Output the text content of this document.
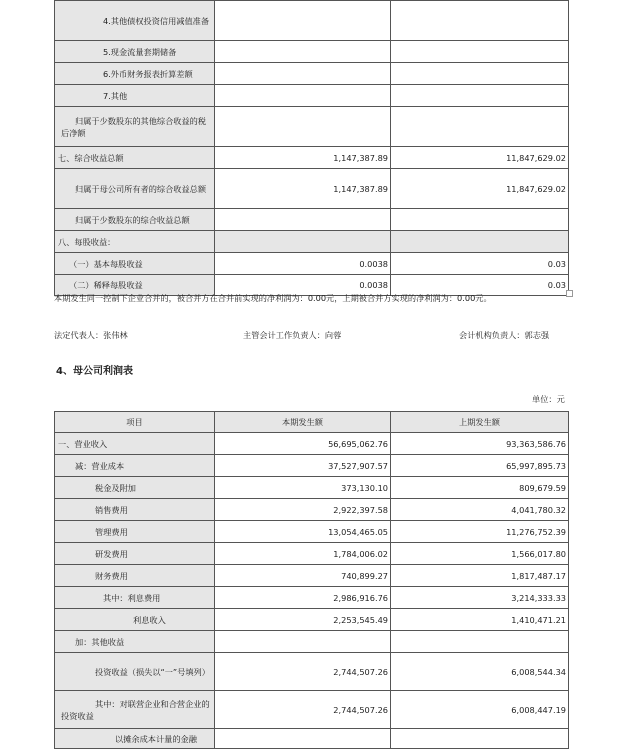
4.其他债权投资信用减值准备		

5.现金流量套期储备		
6.外币财务报表折算差额		
7.其他		

归属于少数股东的其他综合收益的税后净额		

七、综合收益总额	1,147,387.89	11,847,629.02

归属于母公司所有者的综合收益总额	1,147,387.89	11,847,629.02
归属于少数股东的综合收益总额		
八、每股收益：		
（一）基本每股收益	0.0038	0.03
（二）稀释每股收益	0.0038	0.03
本期发生同一控制下企业合并的，被合并方在合并前实现的净利润为：0.00元，上期被合并方实现的净利润为：0.00元。
法定代表人：张伟林	主管会计工作负责人：向蓉	会计机构负责人：郭志强
4、母公司利润表
单位：元
项目	本期发生额	上期发生额
一、营业收入	56,695,062.76	93,363,586.76
减：营业成本	37,527,907.57	65,997,895.73
税金及附加	373,130.10	809,679.59
销售费用	2,922,397.58	4,041,780.32
管理费用	13,054,465.05	11,276,752.39
研发费用	1,784,006.02	1,566,017.80
财务费用	740,899.27	1,817,487.17
其中：利息费用	2,986,916.76	3,214,333.33
利息收入	2,253,545.49	1,410,471.21
加：其他收益		

投资收益（损失以“一”号填列）	2,744,507.26	6,008,544.34

其中：对联营企业和合营企业的投资收益	2,744,507.26	6,008,447.19
以摊余成本计量的金融		
